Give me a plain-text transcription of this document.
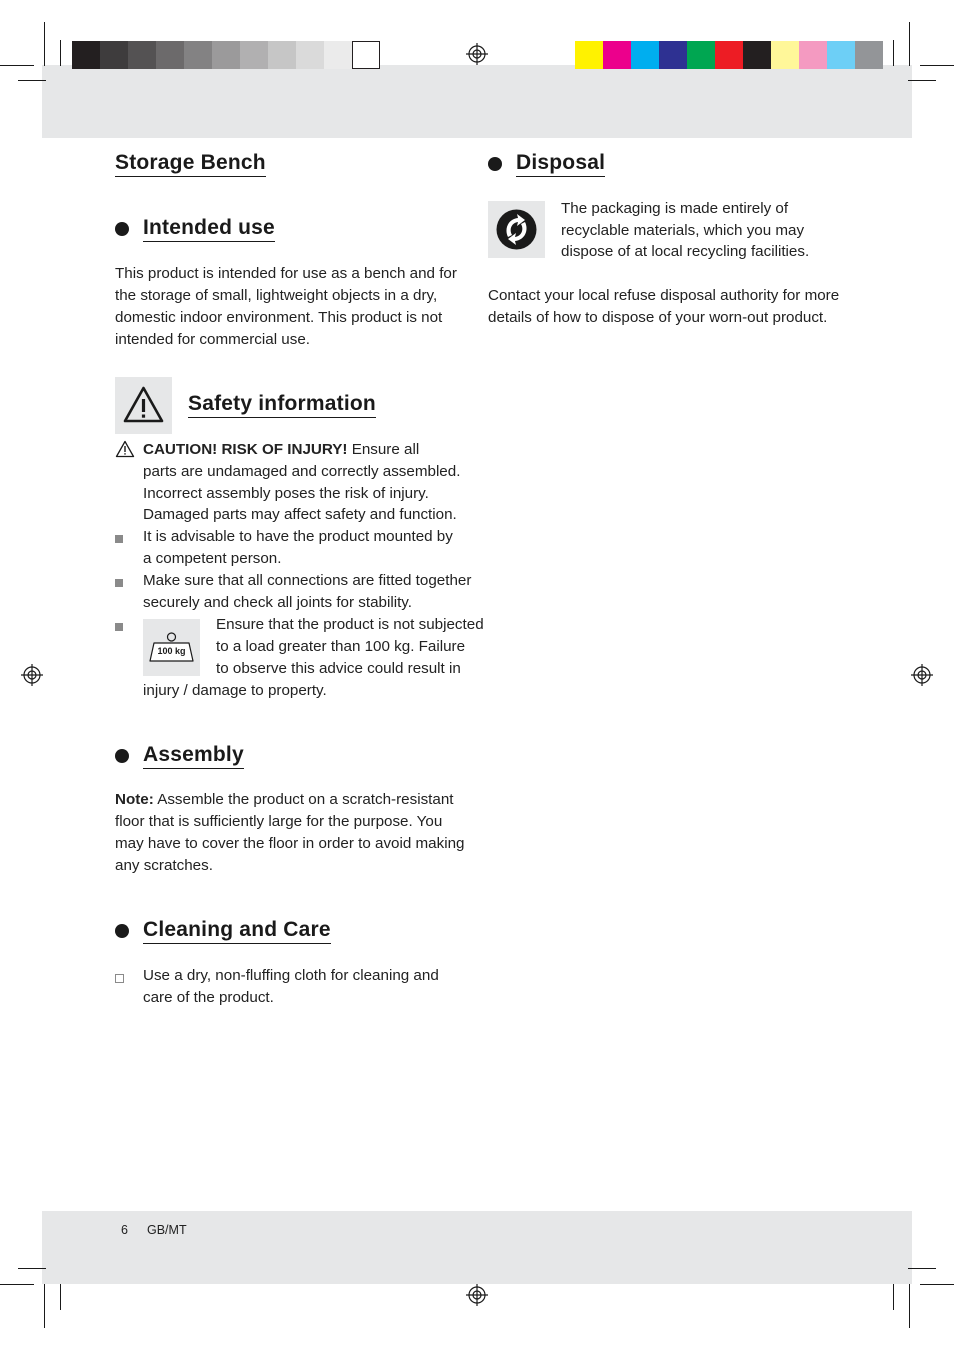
Storage Bench
Intended use

This product is intended for use as a bench and for the storage of small, lightweight objects in a dry, domestic indoor environment. This product is not intended for commercial use.

Safety information

CAUTION! RISK OF INJURY! Ensure all

parts are undamaged and correctly assembled.

Incorrect assembly poses the risk of injury.

Damaged parts may affect safety and function.

It is advisable to have the product mounted by

a competent person.

Make sure that all connections are fitted together

securely and check all joints for stability.

100 kg

Ensure that the product is not subjected

to a load greater than 100 kg. Failure

to observe this advice could result in

injury / damage to property.

Assembly

Note: Assemble the product on a scratch-resistant floor that is sufficiently large for the purpose. You may have to cover the floor in order to avoid making any scratches.

Cleaning and Care

Use a dry, non-fluffing cloth for cleaning and

care of the product.

Disposal

The packaging is made entirely of

recyclable materials, which you may

dispose of at local recycling facilities.

Contact your local refuse disposal authority for more

details of how to dispose of your worn-out product.

6 GB/MT
